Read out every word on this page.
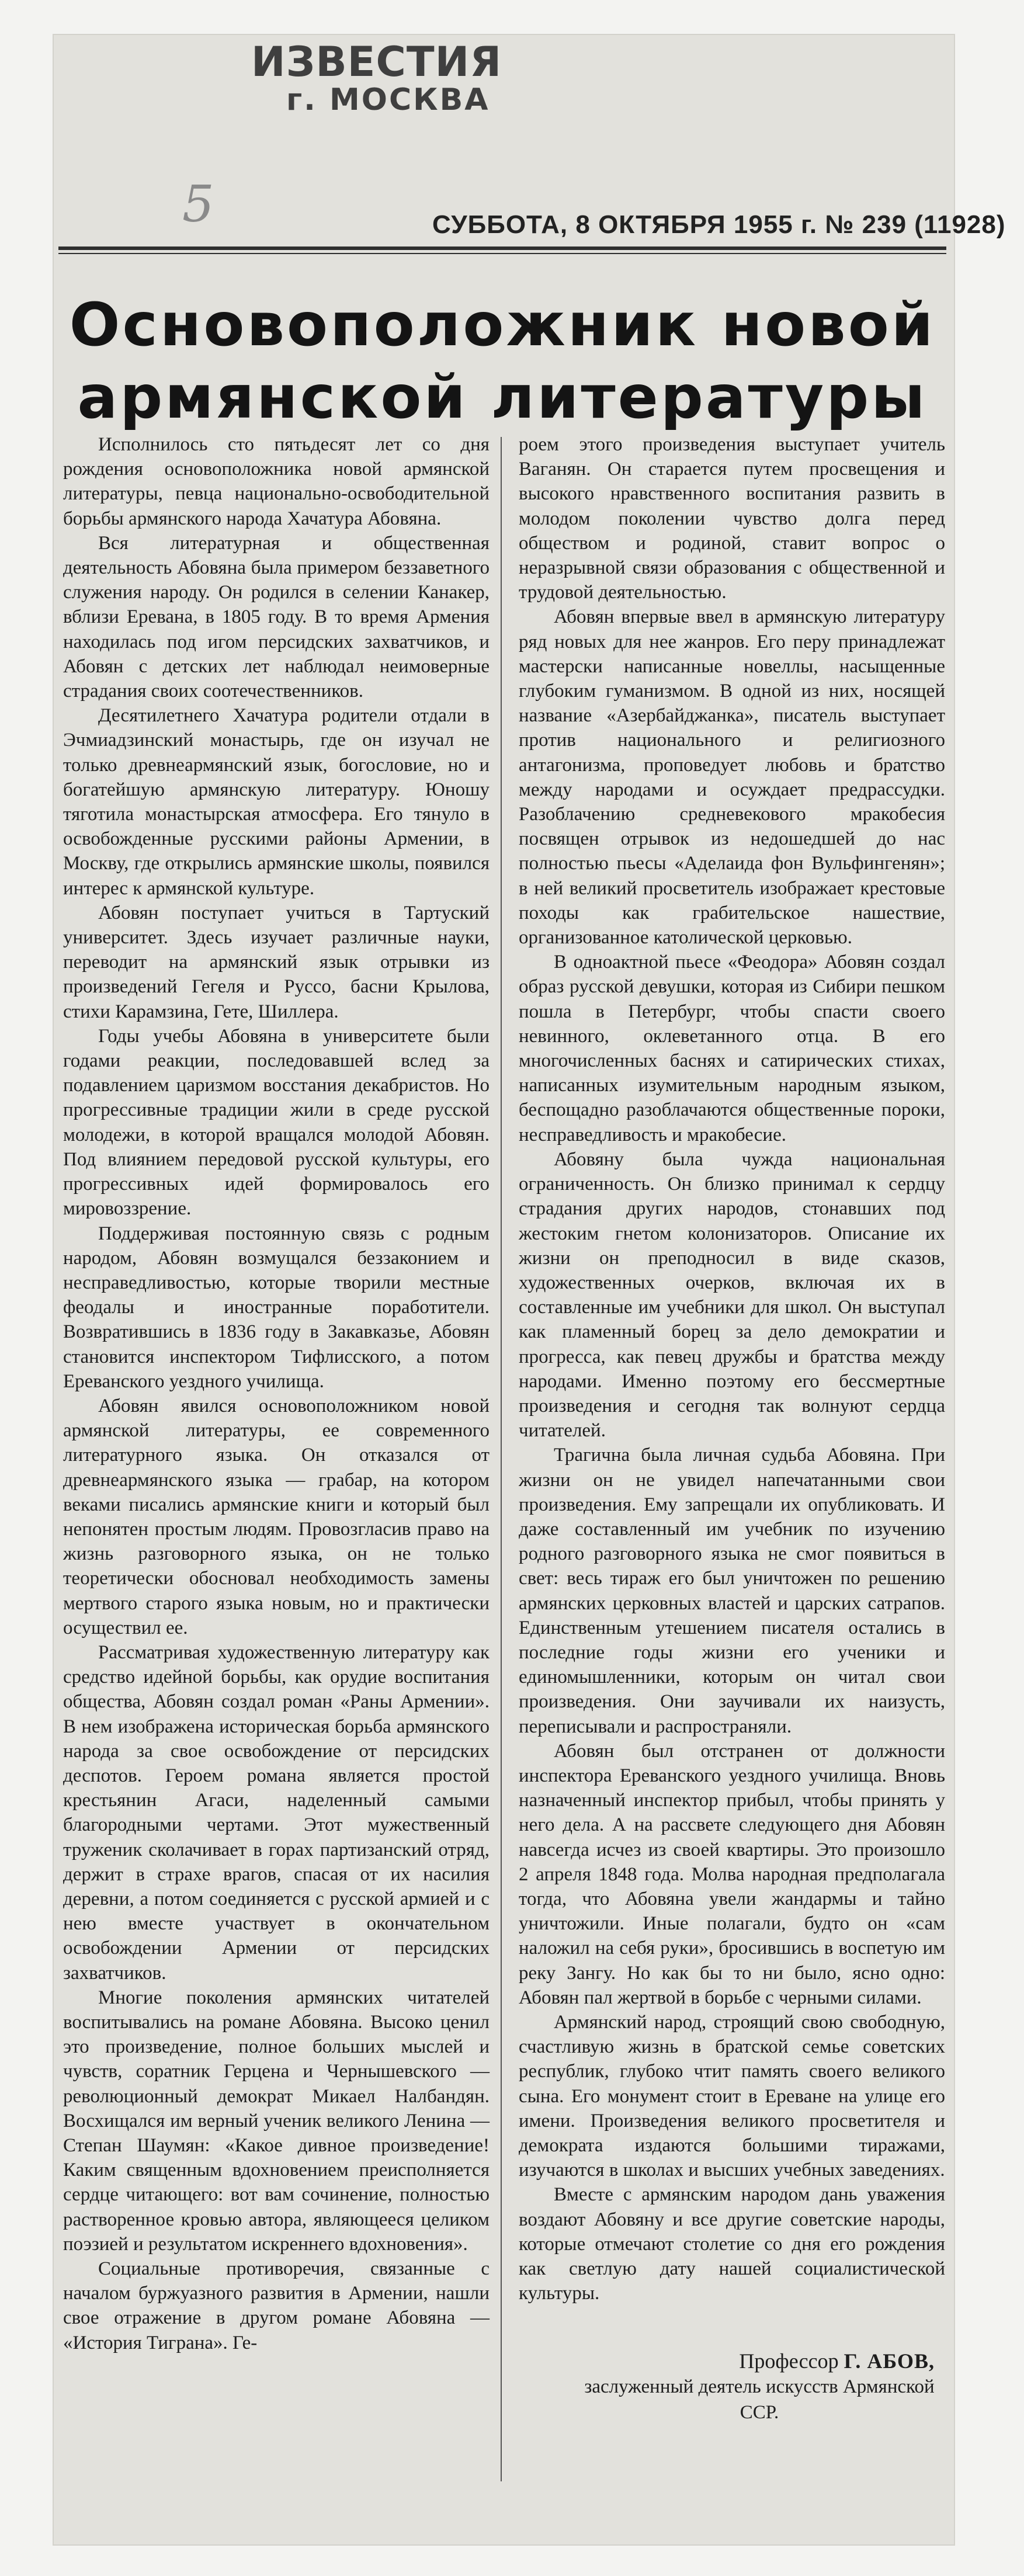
ИЗВЕСТИЯ
г. МОСКВА
5	СУББОТА, 8 ОКТЯБРЯ 1955 г. № 239 (11928)
Основоположник новой
армянской литературы

Исполнилось сто пятьдесят лет со дня рождения основоположника новой армянской литературы, певца национально-освободительной борьбы армянского народа Хачатура Абовяна.

Вся литературная и общественная деятельность Абовяна была примером беззаветного служения народу. Он родился в селении Канакер, вблизи Еревана, в 1805 году. В то время Армения находилась под игом персидских захватчиков, и Абовян с детских лет наблюдал неимоверные страдания своих соотечественников.

Десятилетнего Хачатура родители отдали в Эчмиадзинский монастырь, где он изучал не только древнеармянский язык, богословие, но и богатейшую армянскую литературу. Юношу тяготила монастырская атмосфера. Его тянуло в освобожденные русскими районы Армении, в Москву, где открылись армянские школы, появился интерес к армянской культуре.

Абовян поступает учиться в Тартуский университет. Здесь изучает различные науки, переводит на армянский язык отрывки из произведений Гегеля и Руссо, басни Крылова, стихи Карамзина, Гете, Шиллера.

Годы учебы Абовяна в университете были годами реакции, последовавшей вслед за подавлением царизмом восстания декабристов. Но прогрессивные традиции жили в среде русской молодежи, в которой вращался молодой Абовян. Под влиянием передовой русской культуры, его прогрессивных идей формировалось его мировоззрение.

Поддерживая постоянную связь с родным народом, Абовян возмущался беззаконием и несправедливостью, которые творили местные феодалы и иностранные поработители. Возвратившись в 1836 году в Закавказье, Абовян становится инспектором Тифлисского, а потом Ереванского уездного училища.

Абовян явился основоположником новой армянской литературы, ее современного литературного языка. Он отказался от древнеармянского языка — грабар, на котором веками писались армянские книги и который был непонятен простым людям. Провозгласив право на жизнь разговорного языка, он не только теоретически обосновал необходимость замены мертвого старого языка новым, но и практически осуществил ее.

Рассматривая художественную литературу как средство идейной борьбы, как орудие воспитания общества, Абовян создал роман «Раны Армении». В нем изображена историческая борьба армянского народа за свое освобождение от персидских деспотов. Героем романа является простой крестьянин Агаси, наделенный самыми благородными чертами. Этот мужественный труженик сколачивает в горах партизанский отряд, держит в страхе врагов, спасая от их насилия деревни, а потом соединяется с русской армией и с нею вместе участвует в окончательном освобождении Армении от персидских захватчиков.

Многие поколения армянских читателей воспитывались на романе Абовяна. Высоко ценил это произведение, полное больших мыслей и чувств, соратник Герцена и Чернышевского — революционный демократ Микаел Налбандян. Восхищался им верный ученик великого Ленина — Степан Шаумян: «Какое дивное произведение! Каким священным вдохновением преисполняется сердце читающего: вот вам сочинение, полностью растворенное кровью автора, являющееся целиком поэзией и результатом искреннего вдохновения».

Социальные противоречия, связанные с началом буржуазного развития в Армении, нашли свое отражение в другом романе Абовяна — «История Тиграна». Ге-

роем этого произведения выступает учитель Ваганян. Он старается путем просвещения и высокого нравственного воспитания развить в молодом поколении чувство долга перед обществом и родиной, ставит вопрос о неразрывной связи образования с общественной и трудовой деятельностью.

Абовян впервые ввел в армянскую литературу ряд новых для нее жанров. Его перу принадлежат мастерски написанные новеллы, насыщенные глубоким гуманизмом. В одной из них, носящей название «Азербайджанка», писатель выступает против национального и религиозного антагонизма, проповедует любовь и братство между народами и осуждает предрассудки. Разоблачению средневекового мракобесия посвящен отрывок из недошедшей до нас полностью пьесы «Аделаида фон Вульфингенян»; в ней великий просветитель изображает крестовые походы как грабительское нашествие, организованное католической церковью.

В одноактной пьесе «Феодора» Абовян создал образ русской девушки, которая из Сибири пешком пошла в Петербург, чтобы спасти своего невинного, оклеветанного отца. В его многочисленных баснях и сатирических стихах, написанных изумительным народным языком, беспощадно разоблачаются общественные пороки, несправедливость и мракобесие.

Абовяну была чужда национальная ограниченность. Он близко принимал к сердцу страдания других народов, стонавших под жестоким гнетом колонизаторов. Описание их жизни он преподносил в виде сказов, художественных очерков, включая их в составленные им учебники для школ. Он выступал как пламенный борец за дело демократии и прогресса, как певец дружбы и братства между народами. Именно поэтому его бессмертные произведения и сегодня так волнуют сердца читателей.

Трагична была личная судьба Абовяна. При жизни он не увидел напечатанными свои произведения. Ему запрещали их опубликовать. И даже составленный им учебник по изучению родного разговорного языка не смог появиться в свет: весь тираж его был уничтожен по решению армянских церковных властей и царских сатрапов. Единственным утешением писателя остались в последние годы жизни его ученики и единомышленники, которым он читал свои произведения. Они заучивали их наизусть, переписывали и распространяли.

Абовян был отстранен от должности инспектора Ереванского уездного училища. Вновь назначенный инспектор прибыл, чтобы принять у него дела. А на рассвете следующего дня Абовян навсегда исчез из своей квартиры. Это произошло 2 апреля 1848 года. Молва народная предполагала тогда, что Абовяна увели жандармы и тайно уничтожили. Иные полагали, будто он «сам наложил на себя руки», бросившись в воспетую им реку Зангу. Но как бы то ни было, ясно одно: Абовян пал жертвой в борьбе с черными силами.

Армянский народ, строящий свою свободную, счастливую жизнь в братской семье советских республик, глубоко чтит память своего великого сына. Его монумент стоит в Ереване на улице его имени. Произведения великого просветителя и демократа издаются большими тиражами, изучаются в школах и высших учебных заведениях.

Вместе с армянским народом дань уважения воздают Абовяну и все другие советские народы, которые отмечают столетие со дня его рождения как светлую дату нашей социалистической культуры.

Профессор Г. АБОВ,
заслуженный деятель искусств Армянской ССР.
